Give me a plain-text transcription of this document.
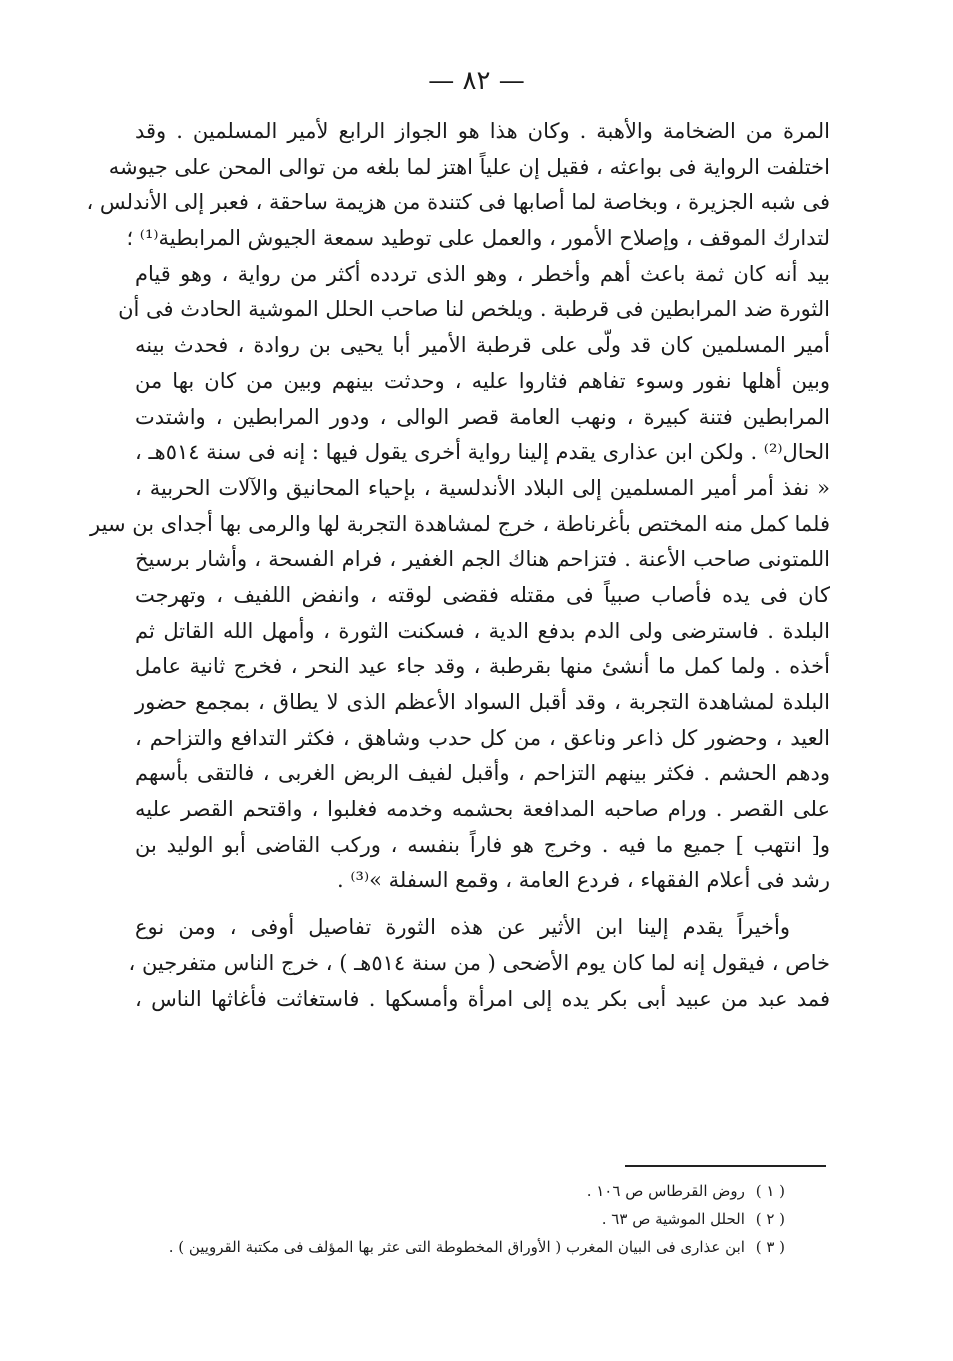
— ٨٢ —
المرة من الضخامة والأهبة . وكان هذا هو الجواز الرابع لأمير المسلمين . وقد
اختلفت الرواية فى بواعثه ، فقيل إن علياً اهتز لما بلغه من توالى المحن على جيوشه
فى شبه الجزيرة ، وبخاصة لما أصابها فى كتندة من هزيمة ساحقة ، فعبر إلى الأندلس ،
لتدارك الموقف ، وإصلاح الأمور ، والعمل على توطيد سمعة الجيوش المرابطية⁽¹⁾ ؛
بيد أنه كان ثمة باعث أهم وأخطر ، وهو الذى تردده أكثر من رواية ، وهو قيام
الثورة ضد المرابطين فى قرطبة . ويلخص لنا صاحب الحلل الموشية الحادث فى أن
أمير المسلمين كان قد ولّى على قرطبة الأمير أبا يحيى بن روادة ، فحدث بينه
وبين أهلها نفور وسوء تفاهم فثاروا عليه ، وحدثت بينهم وبين من كان بها من
المرابطين فتنة كبيرة ، ونهب العامة قصر الوالى ، ودور المرابطين ، واشتدت
الحال⁽²⁾ . ولكن ابن عذارى يقدم إلينا رواية أخرى يقول فيها : إنه فى سنة ٥١٤هـ ،
« نفذ أمر أمير المسلمين إلى البلاد الأندلسية ، بإحياء المحانيق والآلات الحربية ،
فلما كمل منه المختص بأغرناطة ، خرج لمشاهدة التجربة لها والرمى بها أجداى بن سير
اللمتونى صاحب الأعنة . فتزاحم هناك الجم الغفير ، فرام الفسحة ، وأشار برسيخ
كان فى يده فأصاب صبياً فى مقتله فقضى لوقته ، وانفض اللفيف ، وتهرجت
البلدة . فاسترضى ولى الدم بدفع الدية ، فسكنت الثورة ، وأمهل الله القاتل ثم
أخذه . ولما كمل ما أنشئ منها بقرطبة ، وقد جاء عيد النحر ، فخرج ثانية عامل
البلدة لمشاهدة التجربة ، وقد أقبل السواد الأعظم الذى لا يطاق ، بمجمع حضور
العيد ، وحضور كل ذاعر وناعق ، من كل حدب وشاهق ، فكثر التدافع والتزاحم ،
ودهم الحشم . فكثر بينهم التزاحم ، وأقبل لفيف الربض الغربى ، فالتقى بأسهم
على القصر . ورام صاحبه المدافعة بحشمه وخدمه فغلبوا ، واقتحم القصر عليه
و[ انتهب ] جميع ما فيه . وخرج هو فاراً بنفسه ، وركب القاضى أبو الوليد بن
رشد فى أعلام الفقهاء ، فردع العامة ، وقمع السفلة »⁽³⁾ .
وأخيراً يقدم إلينا ابن الأثير عن هذه الثورة تفاصيل أوفى ، ومن نوع
خاص ، فيقول إنه لما كان يوم الأضحى ( من سنة ٥١٤هـ ) ، خرج الناس متفرجين ،
فمد عبد من عبيد أبى بكر يده إلى امرأة وأمسكها . فاستغاثت فأغاثها الناس ،
( ١ ) روض القرطاس ص ١٠٦ .
( ٢ ) الحلل الموشية ص ٦٣ .
( ٣ ) ابن عذارى فى البيان المغرب ( الأوراق المخطوطة التى عثر بها المؤلف فى مكتبة القرويين ) .
